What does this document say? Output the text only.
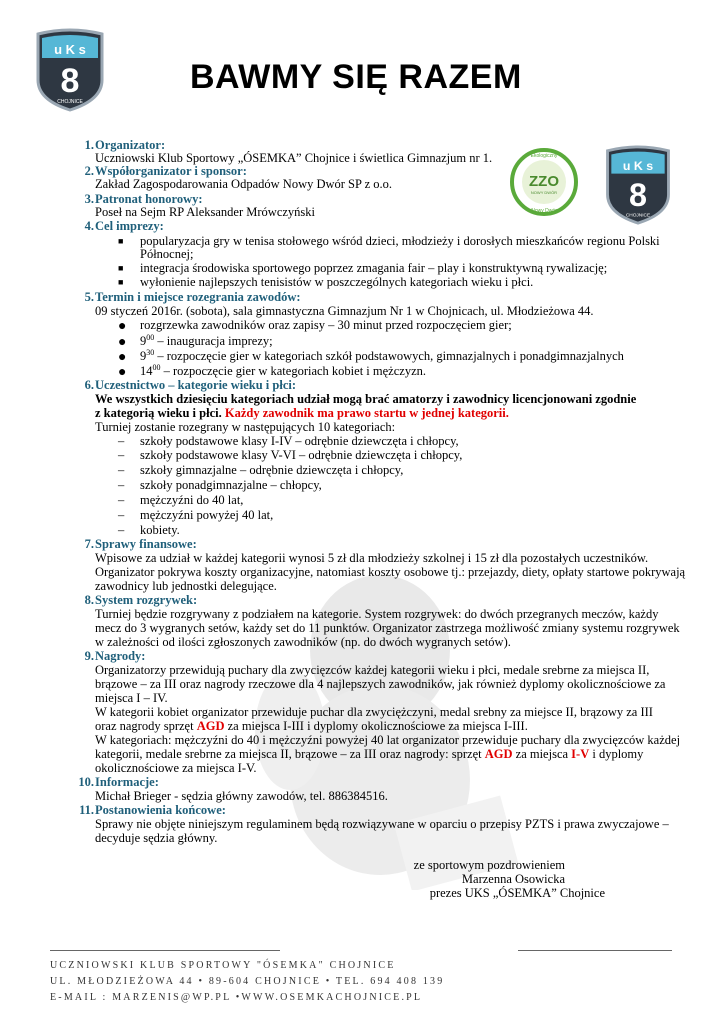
u K s
8
CHOJNICE
Ekologiczny
ZZO
NOWY DWÓR
Nowy Dwór
u K s
8
CHOJNICE
BAWMY SIĘ RAZEM
1. Organizator:
Uczniowski Klub Sportowy „ÓSEMKA” Chojnice i świetlica Gimnazjum nr 1.
2. Współorganizator i sponsor:
Zakład Zagospodarowania Odpadów Nowy Dwór SP z o.o.
3. Patronat honorowy:
Poseł na Sejm RP Aleksander Mrówczyński
4. Cel imprezy:
■ popularyzacja gry w tenisa stołowego wśród dzieci, młodzieży i dorosłych mieszkańców regionu Polski
Północnej;
■ integracja środowiska sportowego poprzez zmagania fair – play i konstruktywną rywalizację;
■ wyłonienie najlepszych tenisistów w poszczególnych kategoriach wieku i płci.
5. Termin i miejsce rozegrania zawodów:
09 styczeń 2016r. (sobota), sala gimnastyczna Gimnazjum Nr 1 w Chojnicach, ul. Młodzieżowa 44.
● rozgrzewka zawodników oraz zapisy – 30 minut przed rozpoczęciem gier;
● $9^{00}$ – inauguracja imprezy;
● $9^{30}$ – rozpoczęcie gier w kategoriach szkół podstawowych, gimnazjalnych i ponadgimnazjalnych
● $14^{00}$ – rozpoczęcie gier w kategoriach kobiet i mężczyzn.
6. Uczestnictwo – kategorie wieku i płci:
We wszystkich dziesięciu kategoriach udział mogą brać amatorzy i zawodnicy licencjonowani zgodnie
z kategorią wieku i płci. Każdy zawodnik ma prawo startu w jednej kategorii.
Turniej zostanie rozegrany w następujących 10 kategoriach:
– szkoły podstawowe klasy I-IV – odrębnie dziewczęta i chłopcy,
– szkoły podstawowe klasy V-VI – odrębnie dziewczęta i chłopcy,
– szkoły gimnazjalne – odrębnie dziewczęta i chłopcy,
– szkoły ponadgimnazjalne – chłopcy,
– mężczyźni do 40 lat,
– mężczyźni powyżej 40 lat,
– kobiety.
7. Sprawy finansowe:
Wpisowe za udział w każdej kategorii wynosi 5 zł dla młodzieży szkolnej i 15 zł dla pozostałych uczestników.
Organizator pokrywa koszty organizacyjne, natomiast koszty osobowe tj.: przejazdy, diety, opłaty startowe pokrywają
zawodnicy lub jednostki delegujące.
8. System rozgrywek:
Turniej będzie rozgrywany z podziałem na kategorie. System rozgrywek: do dwóch przegranych meczów, każdy
mecz do 3 wygranych setów, każdy set do 11 punktów. Organizator zastrzega możliwość zmiany systemu rozgrywek
w zależności od ilości zgłoszonych zawodników (np. do dwóch wygranych setów).
9. Nagrody:
Organizatorzy przewidują puchary dla zwycięzców każdej kategorii wieku i płci, medale srebrne za miejsca II,
brązowe – za III oraz nagrody rzeczowe dla 4 najlepszych zawodników, jak również dyplomy okolicznościowe za
miejsca I – IV.
W kategorii kobiet organizator przewiduje puchar dla zwyciężczyni, medal srebny za miejsce II, brązowy za III
oraz nagrody sprzęt AGD za miejsca I-III i dyplomy okolicznościowe za miejsca I-III.
W kategoriach: mężczyźni do 40 i mężczyźni powyżej 40 lat organizator przewiduje puchary dla zwycięzców każdej
kategorii, medale srebrne za miejsca II, brązowe – za III oraz nagrody: sprzęt AGD za miejsca I-V i dyplomy
okolicznościowe za miejsca I-V.
10. Informacje:
Michał Brieger - sędzia główny zawodów, tel. 886384516.
11. Postanowienia końcowe:
Sprawy nie objęte niniejszym regulaminem będą rozwiązywane w oparciu o przepisy PZTS i prawa zwyczajowe –
decyduje sędzia główny.
ze sportowym pozdrowieniem
Marzenna Osowicka
prezes UKS „ÓSEMKA” Chojnice
UCZNIOWSKI KLUB SPORTOWY "ÓSEMKA" CHOJNICE
UL. MŁODZIEŻOWA 44 • 89-604 CHOJNICE • TEL. 694 408 139
E-MAIL : MARZENIS@WP.PL •WWW.OSEMKACHOJNICE.PL
